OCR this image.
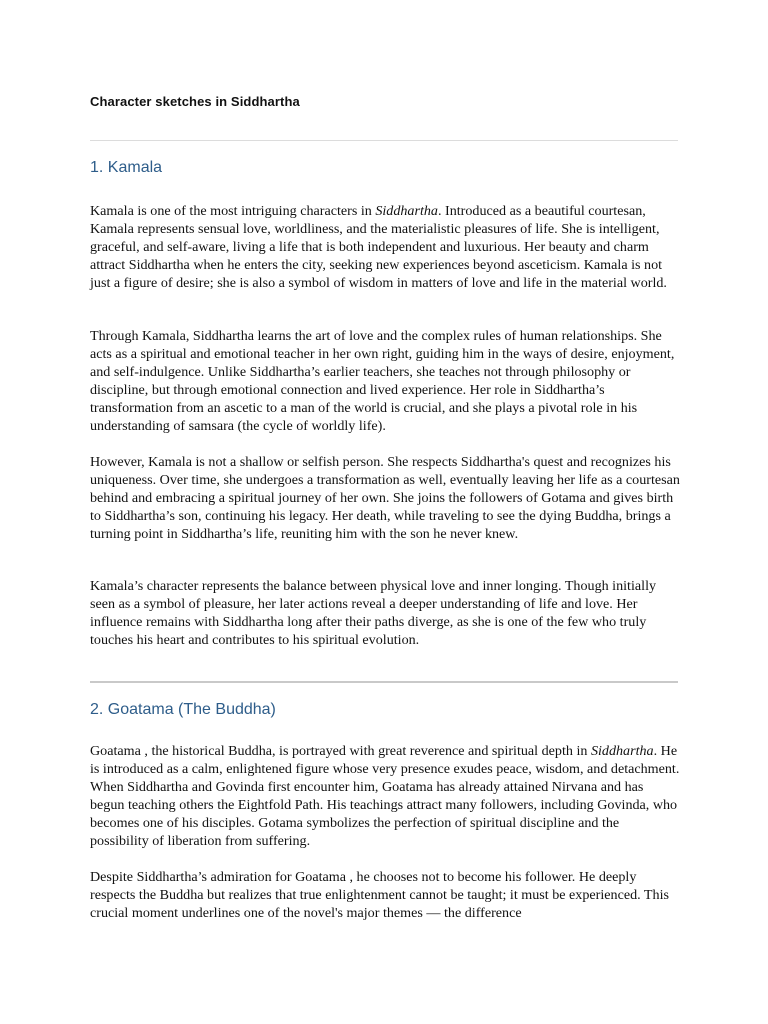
Character sketches in Siddhartha
1. Kamala

Kamala is one of the most intriguing characters in Siddhartha. Introduced as a beautiful courtesan, Kamala represents sensual love, worldliness, and the materialistic pleasures of life. She is intelligent, graceful, and self-aware, living a life that is both independent and luxurious. Her beauty and charm attract Siddhartha when he enters the city, seeking new experiences beyond asceticism. Kamala is not just a figure of desire; she is also a symbol of wisdom in matters of love and life in the material world.

Through Kamala, Siddhartha learns the art of love and the complex rules of human relationships. She acts as a spiritual and emotional teacher in her own right, guiding him in the ways of desire, enjoyment, and self-indulgence. Unlike Siddhartha’s earlier teachers, she teaches not through philosophy or discipline, but through emotional connection and lived experience. Her role in Siddhartha’s transformation from an ascetic to a man of the world is crucial, and she plays a pivotal role in his understanding of samsara (the cycle of worldly life).

However, Kamala is not a shallow or selfish person. She respects Siddhartha's quest and recognizes his uniqueness. Over time, she undergoes a transformation as well, eventually leaving her life as a courtesan behind and embracing a spiritual journey of her own. She joins the followers of Gotama and gives birth to Siddhartha’s son, continuing his legacy. Her death, while traveling to see the dying Buddha, brings a turning point in Siddhartha’s life, reuniting him with the son he never knew.

Kamala’s character represents the balance between physical love and inner longing. Though initially seen as a symbol of pleasure, her later actions reveal a deeper understanding of life and love. Her influence remains with Siddhartha long after their paths diverge, as she is one of the few who truly touches his heart and contributes to his spiritual evolution.

2. Goatama (The Buddha)

Goatama , the historical Buddha, is portrayed with great reverence and spiritual depth in Siddhartha. He is introduced as a calm, enlightened figure whose very presence exudes peace, wisdom, and detachment. When Siddhartha and Govinda first encounter him, Goatama has already attained Nirvana and has begun teaching others the Eightfold Path. His teachings attract many followers, including Govinda, who becomes one of his disciples. Gotama symbolizes the perfection of spiritual discipline and the possibility of liberation from suffering.

Despite Siddhartha’s admiration for Goatama , he chooses not to become his follower. He deeply respects the Buddha but realizes that true enlightenment cannot be taught; it must be experienced. This crucial moment underlines one of the novel's major themes — the difference
